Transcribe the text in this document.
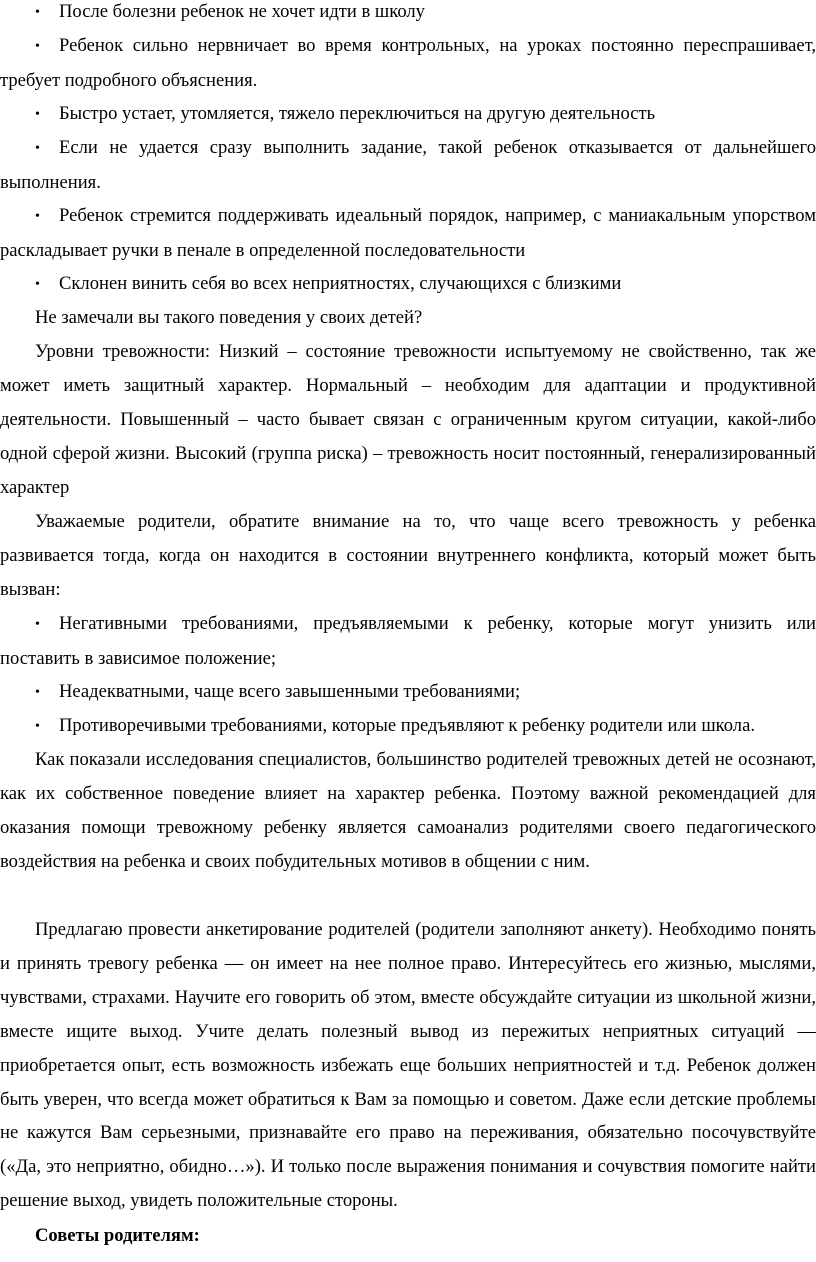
• После болезни ребенок не хочет идти в школу
• Ребенок сильно нервничает во время контрольных, на уроках постоянно переспрашивает, требует подробного объяснения.
• Быстро устает, утомляется, тяжело переключиться на другую деятельность
• Если не удается сразу выполнить задание, такой ребенок отказывается от дальнейшего выполнения.
• Ребенок стремится поддерживать идеальный порядок, например, с маниакальным упорством раскладывает ручки в пенале в определенной последовательности
• Склонен винить себя во всех неприятностях, случающихся с близкими

Не замечали вы такого поведения у своих детей?

Уровни тревожности: Низкий – состояние тревожности испытуемому не свойственно, так же может иметь защитный характер. Нормальный – необходим для адаптации и продуктивной деятельности. Повышенный – часто бывает связан с ограниченным кругом ситуации, какой-либо одной сферой жизни. Высокий (группа риска) – тревожность носит постоянный, генерализированный характер

Уважаемые родители, обратите внимание на то, что чаще всего тревожность у ребенка развивается тогда, когда он находится в состоянии внутреннего конфликта, который может быть вызван:

• Негативными требованиями, предъявляемыми к ребенку, которые могут унизить или поставить в зависимое положение;
• Неадекватными, чаще всего завышенными требованиями;
• Противоречивыми требованиями, которые предъявляют к ребенку родители или школа.

Как показали исследования специалистов, большинство родителей тревожных детей не осознают, как их собственное поведение влияет на характер ребенка. Поэтому важной рекомендацией для оказания помощи тревожному ребенку является самоанализ родителями своего педагогического воздействия на ребенка и своих побудительных мотивов в общении с ним.

Предлагаю провести анкетирование родителей (родители заполняют анкету). Необходимо понять и принять тревогу ребенка — он имеет на нее полное право. Интересуйтесь его жизнью, мыслями, чувствами, страхами. Научите его говорить об этом, вместе обсуждайте ситуации из школьной жизни, вместе ищите выход. Учите делать полезный вывод из пережитых неприятных ситуаций — приобретается опыт, есть возможность избежать еще больших неприятностей и т.д. Ребенок должен быть уверен, что всегда может обратиться к Вам за помощью и советом. Даже если детские проблемы не кажутся Вам серьезными, признавайте его право на переживания, обязательно посочувствуйте («Да, это неприятно, обидно…»). И только после выражения понимания и сочувствия помогите найти решение выход, увидеть положительные стороны.

Советы родителям:
